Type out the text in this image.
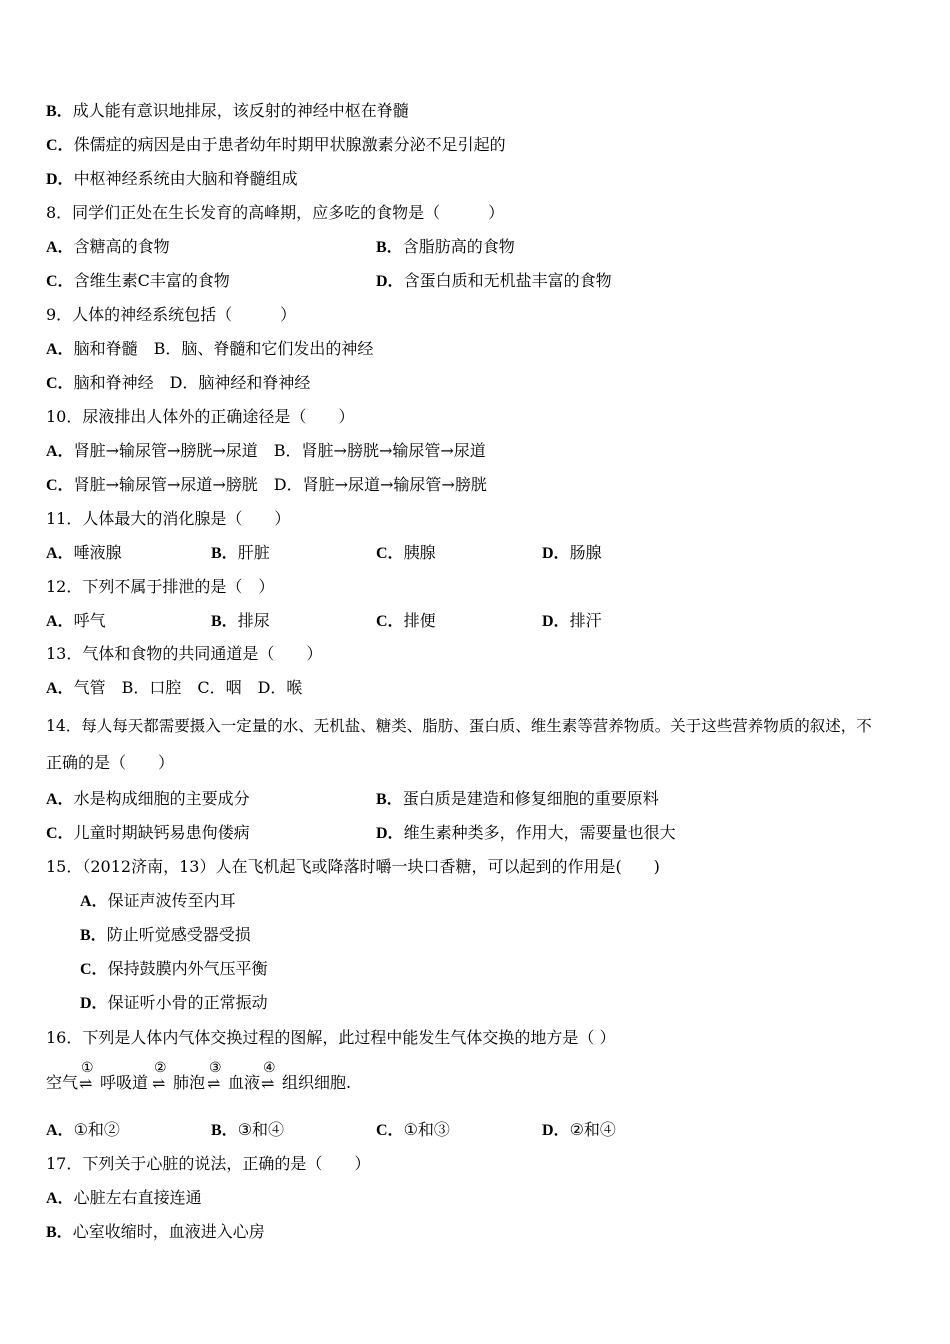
B．成人能有意识地排尿，该反射的神经中枢在脊髓
C．侏儒症的病因是由于患者幼年时期甲状腺激素分泌不足引起的
D．中枢神经系统由大脑和脊髓组成
8．同学们正处在生长发育的高峰期，应多吃的食物是（　　　）
A．含糖高的食物	B．含脂肪高的食物
C．含维生素C丰富的食物	D．含蛋白质和无机盐丰富的食物
9．人体的神经系统包括（　　　）
A．脑和脊髓　B．脑、脊髓和它们发出的神经
C．脑和脊神经　D．脑神经和脊神经
10．尿液排出人体外的正确途径是（　　）
A．肾脏→输尿管→膀胱→尿道　B．肾脏→膀胱→输尿管→尿道
C．肾脏→输尿管→尿道→膀胱　D．肾脏→尿道→输尿管→膀胱
11．人体最大的消化腺是（　　）
A．唾液腺	B．肝脏	C．胰腺	D．肠腺
12．下列不属于排泄的是（　）
A．呼气	B．排尿	C．排便	D．排汗
13．气体和食物的共同通道是（　　）
A．气管　B．口腔　C．咽　D．喉
14．每人每天都需要摄入一定量的水、无机盐、糖类、脂肪、蛋白质、维生素等营养物质。关于这些营养物质的叙述，不
正确的是（　　）
A．水是构成细胞的主要成分	B．蛋白质是建造和修复细胞的重要原料
C．儿童时期缺钙易患佝偻病	D．维生素种类多，作用大，需要量也很大
15．（2012济南，13）人在飞机起飞或降落时嚼一块口香糖，可以起到的作用是(　　)
A．保证声波传至内耳
B．防止听觉感受器受损
C．保持鼓膜内外气压平衡
D．保证听小骨的正常振动
16．下列是人体内气体交换过程的图解，此过程中能发生气体交换的地方是（ ）
空气
①
⇌ 呼吸道
②
⇌ 肺泡
③
⇌ 血液
④
⇌ 组织细胞.
A．①和②	B．③和④	C．①和③	D．②和④
17．下列关于心脏的说法，正确的是（　　）
A．心脏左右直接连通
B．心室收缩时，血液进入心房
